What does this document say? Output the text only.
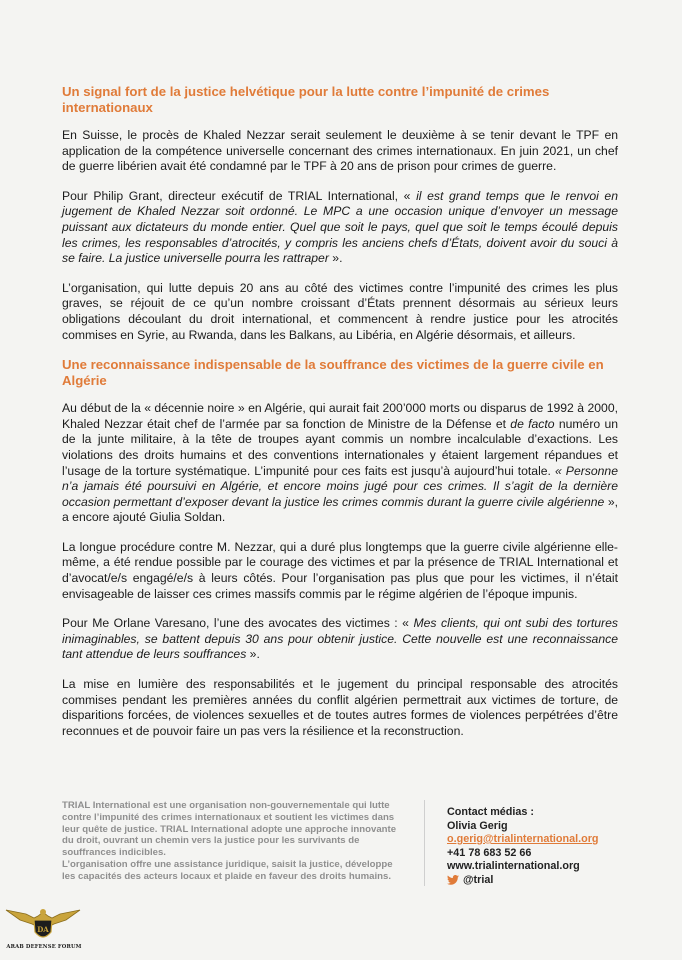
Un signal fort de la justice helvétique pour la lutte contre l’impunité de crimes internationaux

En Suisse, le procès de Khaled Nezzar serait seulement le deuxième à se tenir devant le TPF en application de la compétence universelle concernant des crimes internationaux. En juin 2021, un chef de guerre libérien avait été condamné par le TPF à 20 ans de prison pour crimes de guerre.

Pour Philip Grant, directeur exécutif de TRIAL International, « il est grand temps que le renvoi en jugement de Khaled Nezzar soit ordonné. Le MPC a une occasion unique d’envoyer un message puissant aux dictateurs du monde entier. Quel que soit le pays, quel que soit le temps écoulé depuis les crimes, les responsables d’atrocités, y compris les anciens chefs d’États, doivent avoir du souci à se faire. La justice universelle pourra les rattraper ».

L’organisation, qui lutte depuis 20 ans au côté des victimes contre l’impunité des crimes les plus graves, se réjouit de ce qu’un nombre croissant d’États prennent désormais au sérieux leurs obligations découlant du droit international, et commencent à rendre justice pour les atrocités commises en Syrie, au Rwanda, dans les Balkans, au Libéria, en Algérie désormais, et ailleurs.

Une reconnaissance indispensable de la souffrance des victimes de la guerre civile en Algérie

Au début de la « décennie noire » en Algérie, qui aurait fait 200’000 morts ou disparus de 1992 à 2000, Khaled Nezzar était chef de l’armée par sa fonction de Ministre de la Défense et de facto numéro un de la junte militaire, à la tête de troupes ayant commis un nombre incalculable d’exactions. Les violations des droits humains et des conventions internationales y étaient largement répandues et l’usage de la torture systématique. L’impunité pour ces faits est jusqu’à aujourd’hui totale. « Personne n’a jamais été poursuivi en Algérie, et encore moins jugé pour ces crimes. Il s’agit de la dernière occasion permettant d’exposer devant la justice les crimes commis durant la guerre civile algérienne », a encore ajouté Giulia Soldan.

La longue procédure contre M. Nezzar, qui a duré plus longtemps que la guerre civile algérienne elle-même, a été rendue possible par le courage des victimes et par la présence de TRIAL International et d’avocat/e/s engagé/e/s à leurs côtés. Pour l’organisation pas plus que pour les victimes, il n’était envisageable de laisser ces crimes massifs commis par le régime algérien de l’époque impunis.

Pour Me Orlane Varesano, l’une des avocates des victimes : « Mes clients, qui ont subi des tortures inimaginables, se battent depuis 30 ans pour obtenir justice. Cette nouvelle est une reconnaissance tant attendue de leurs souffrances ».

La mise en lumière des responsabilités et le jugement du principal responsable des atrocités commises pendant les premières années du conflit algérien permettrait aux victimes de torture, de disparitions forcées, de violences sexuelles et de toutes autres formes de violences perpétrées d’être reconnues et de pouvoir faire un pas vers la résilience et la reconstruction.

TRIAL International est une organisation non-gouvernementale qui lutte contre l’impunité des crimes internationaux et soutient les victimes dans leur quête de justice. TRIAL International adopte une approche innovante du droit, ouvrant un chemin vers la justice pour les survivants de souffrances indicibles.
L’organisation offre une assistance juridique, saisit la justice, développe les capacités des acteurs locaux et plaide en faveur des droits humains.
Contact médias :
Olivia Gerig
o.gerig@trialinternational.org
+41 78 683 52 66
www.trialinternational.org
@trial
DA
ARAB DEFENSE FORUM
